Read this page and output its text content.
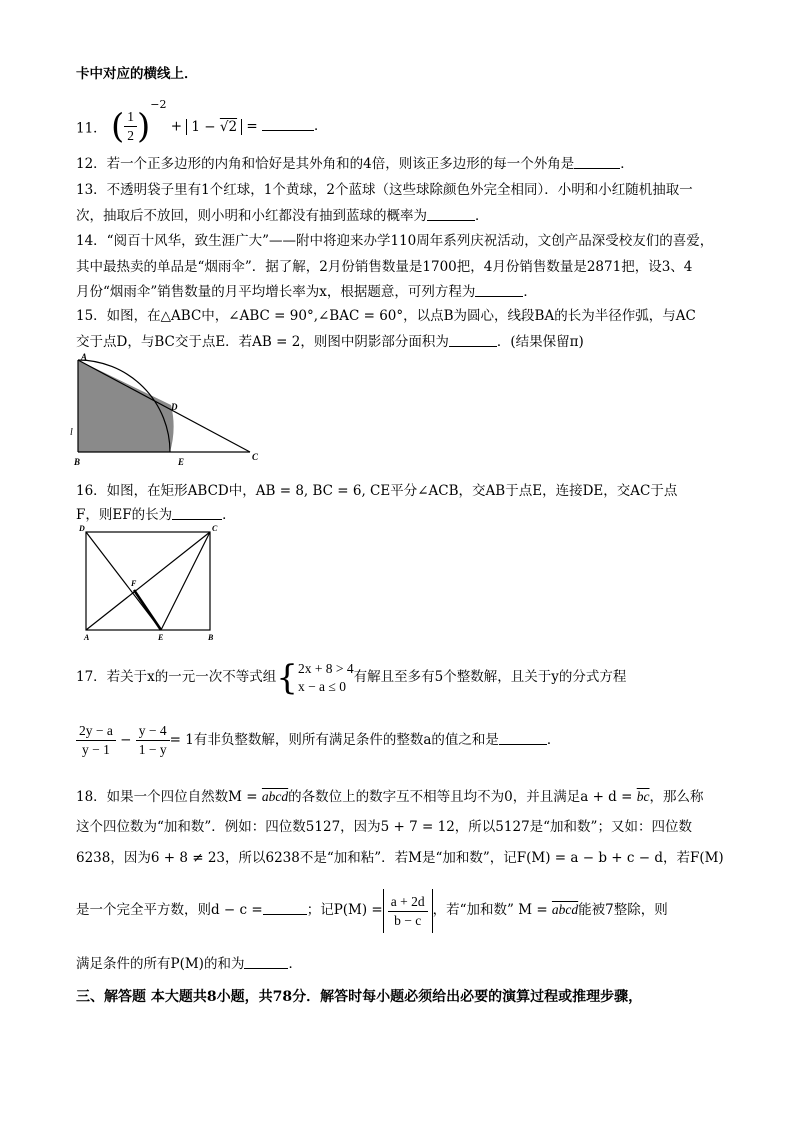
卡中对应的横线上．
11． ( $\frac{1}{2} )^{-2} + 1 - √2$ =	．
12．若一个正多边形的内角和恰好是其外角和的4倍，则该正多边形的每一个外角是	．
13．不透明袋子里有1个红球，1个黄球，2个蓝球（这些球除颜色外完全相同）．小明和小红随机抽取一
次，抽取后不放回，则小明和小红都没有抽到蓝球的概率为	．
14．“阅百十风华，致生涯广大”——附中将迎来办学110周年系列庆祝活动，文创产品深受校友们的喜爱，
其中最热卖的单品是“烟雨伞”．据了解，2月份销售数量是1700把，4月份销售数量是2871把，设3、4
月份“烟雨伞”销售数量的月平均增长率为x，根据题意，可列方程为	．
15．如图，在△ABC中，∠ABC = 90°,∠BAC = 60°，以点B为圆心，线段BA的长为半径作弧，与AC
交于点D，与BC交于点E．若AB = 2，则图中阴影部分面积为	．(结果保留π)
A
B	C
D
E
l
16．如图，在矩形ABCD中，AB = 8, BC = 6, CE平分∠ACB，交AB于点E，连接DE，交AC于点
F，则EF的长为	．
D	C
A	B
E
F
17．若关于x的一元一次不等式组{ 2x + 8 > 4
x − a ≤ 0
有解且至多有5个整数解，且关于y的分式方程
$\frac{2y - a}{y - 1} - \frac{y - 4}{1 - y} = 1$有非负整数解，则所有满足条件的整数a的值之和是	．
18．如果一个四位自然数M = abcd的各数位上的数字互不相等且均不为0，并且满足$a + d = \overline{bc}$，那么称
这个四位数为“加和数”．例如：四位数5127，因为5 + 7 = 12，所以5127是“加和数”；又如：四位数
6238，因为6 + 8 ≠ 23，所以6238不是“加和粘”．若M是“加和数”，记F(M) = a − b + c − d，若F(M)
是一个完全平方数，则d − c =	；记$P(M) = \frac{a + 2d}{b - c}$ ，若“加和数” M = abcd能被7整除，则
满足条件的所有P(M)的和为	．
三、解答题 本大题共8小题，共78分．解答时每小题必须给出必要的演算过程或推理步骤，
